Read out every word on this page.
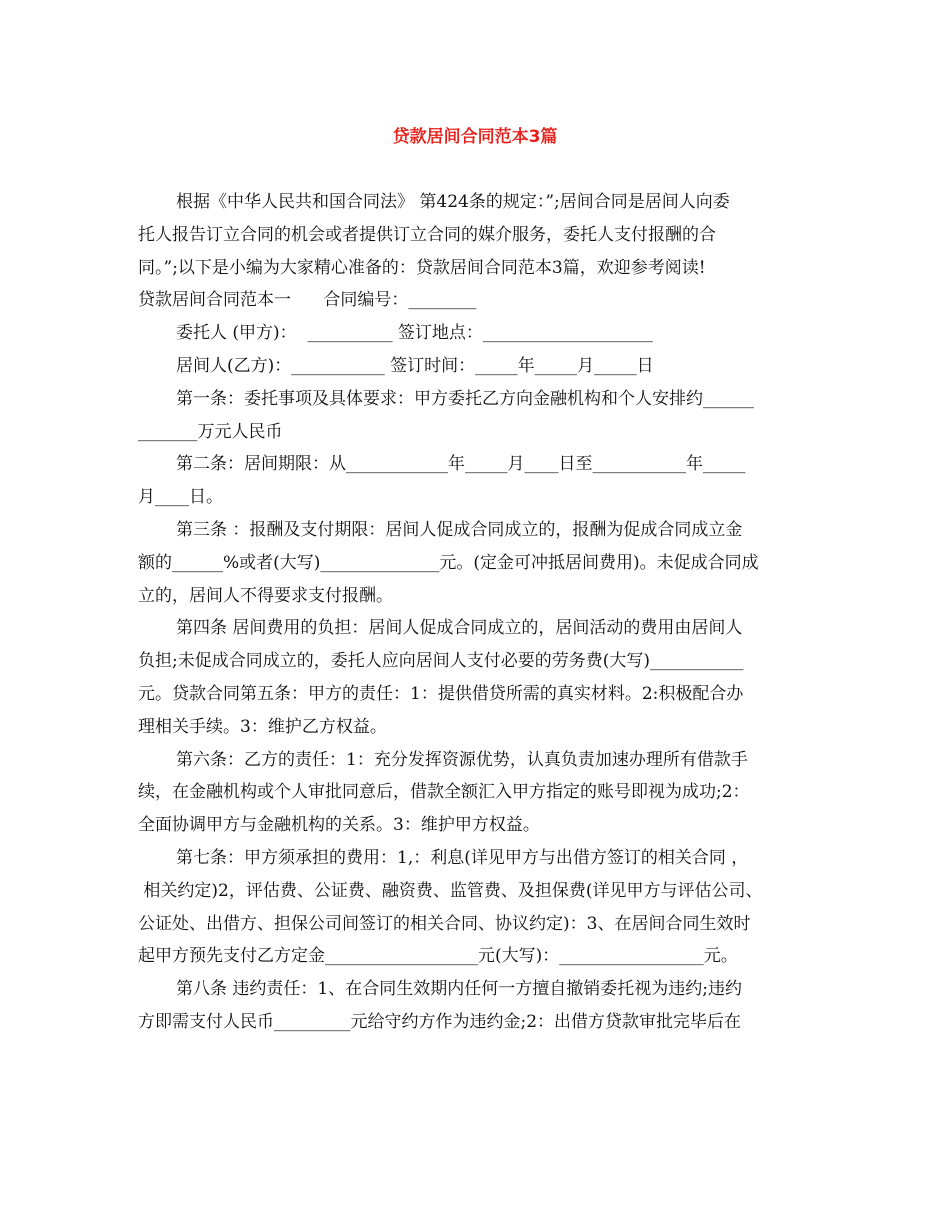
贷款居间合同范本3篇
根据《中华人民共和国合同法》 第424条的规定：”;居间合同是居间人向委
托人报告订立合同的机会或者提供订立合同的媒介服务，委托人支付报酬的合
同。”;以下是小编为大家精心准备的：贷款居间合同范本3篇，欢迎参考阅读!
贷款居间合同范本一      合同编号：________
委托人 (甲方)：  __________ 签订地点：____________________
居间人(乙方)：___________ 签订时间：_____年_____月_____日
第一条：委托事项及具体要求：甲方委托乙方向金融机构和个人安排约______
_______万元人民币
第二条：居间期限：从____________年_____月____日至___________年_____
月____日。
第三条 ：报酬及支付期限：居间人促成合同成立的，报酬为促成合同成立金
额的______%或者(大写)______________元。(定金可冲抵居间费用)。未促成合同成
立的，居间人不得要求支付报酬。
第四条 居间费用的负担：居间人促成合同成立的，居间活动的费用由居间人
负担;未促成合同成立的，委托人应向居间人支付必要的劳务费(大写)___________
元。贷款合同第五条：甲方的责任：1：提供借贷所需的真实材料。2:积极配合办
理相关手续。3：维护乙方权益。
第六条：乙方的责任：1：充分发挥资源优势，认真负责加速办理所有借款手
续，在金融机构或个人审批同意后，借款全额汇入甲方指定的账号即视为成功;2：
全面协调甲方与金融机构的关系。3：维护甲方权益。
第七条：甲方须承担的费用：1,：利息(详见甲方与出借方签订的相关合同 ，
相关约定)2，评估费、公证费、融资费、监管费、及担保费(详见甲方与评估公司、
公证处、出借方、担保公司间签订的相关合同、协议约定)：3、在居间合同生效时
起甲方预先支付乙方定金__________________元(大写)：_________________元。
第八条 违约责任：1、在合同生效期内任何一方擅自撤销委托视为违约;违约
方即需支付人民币_________元给守约方作为违约金;2：出借方贷款审批完毕后在
